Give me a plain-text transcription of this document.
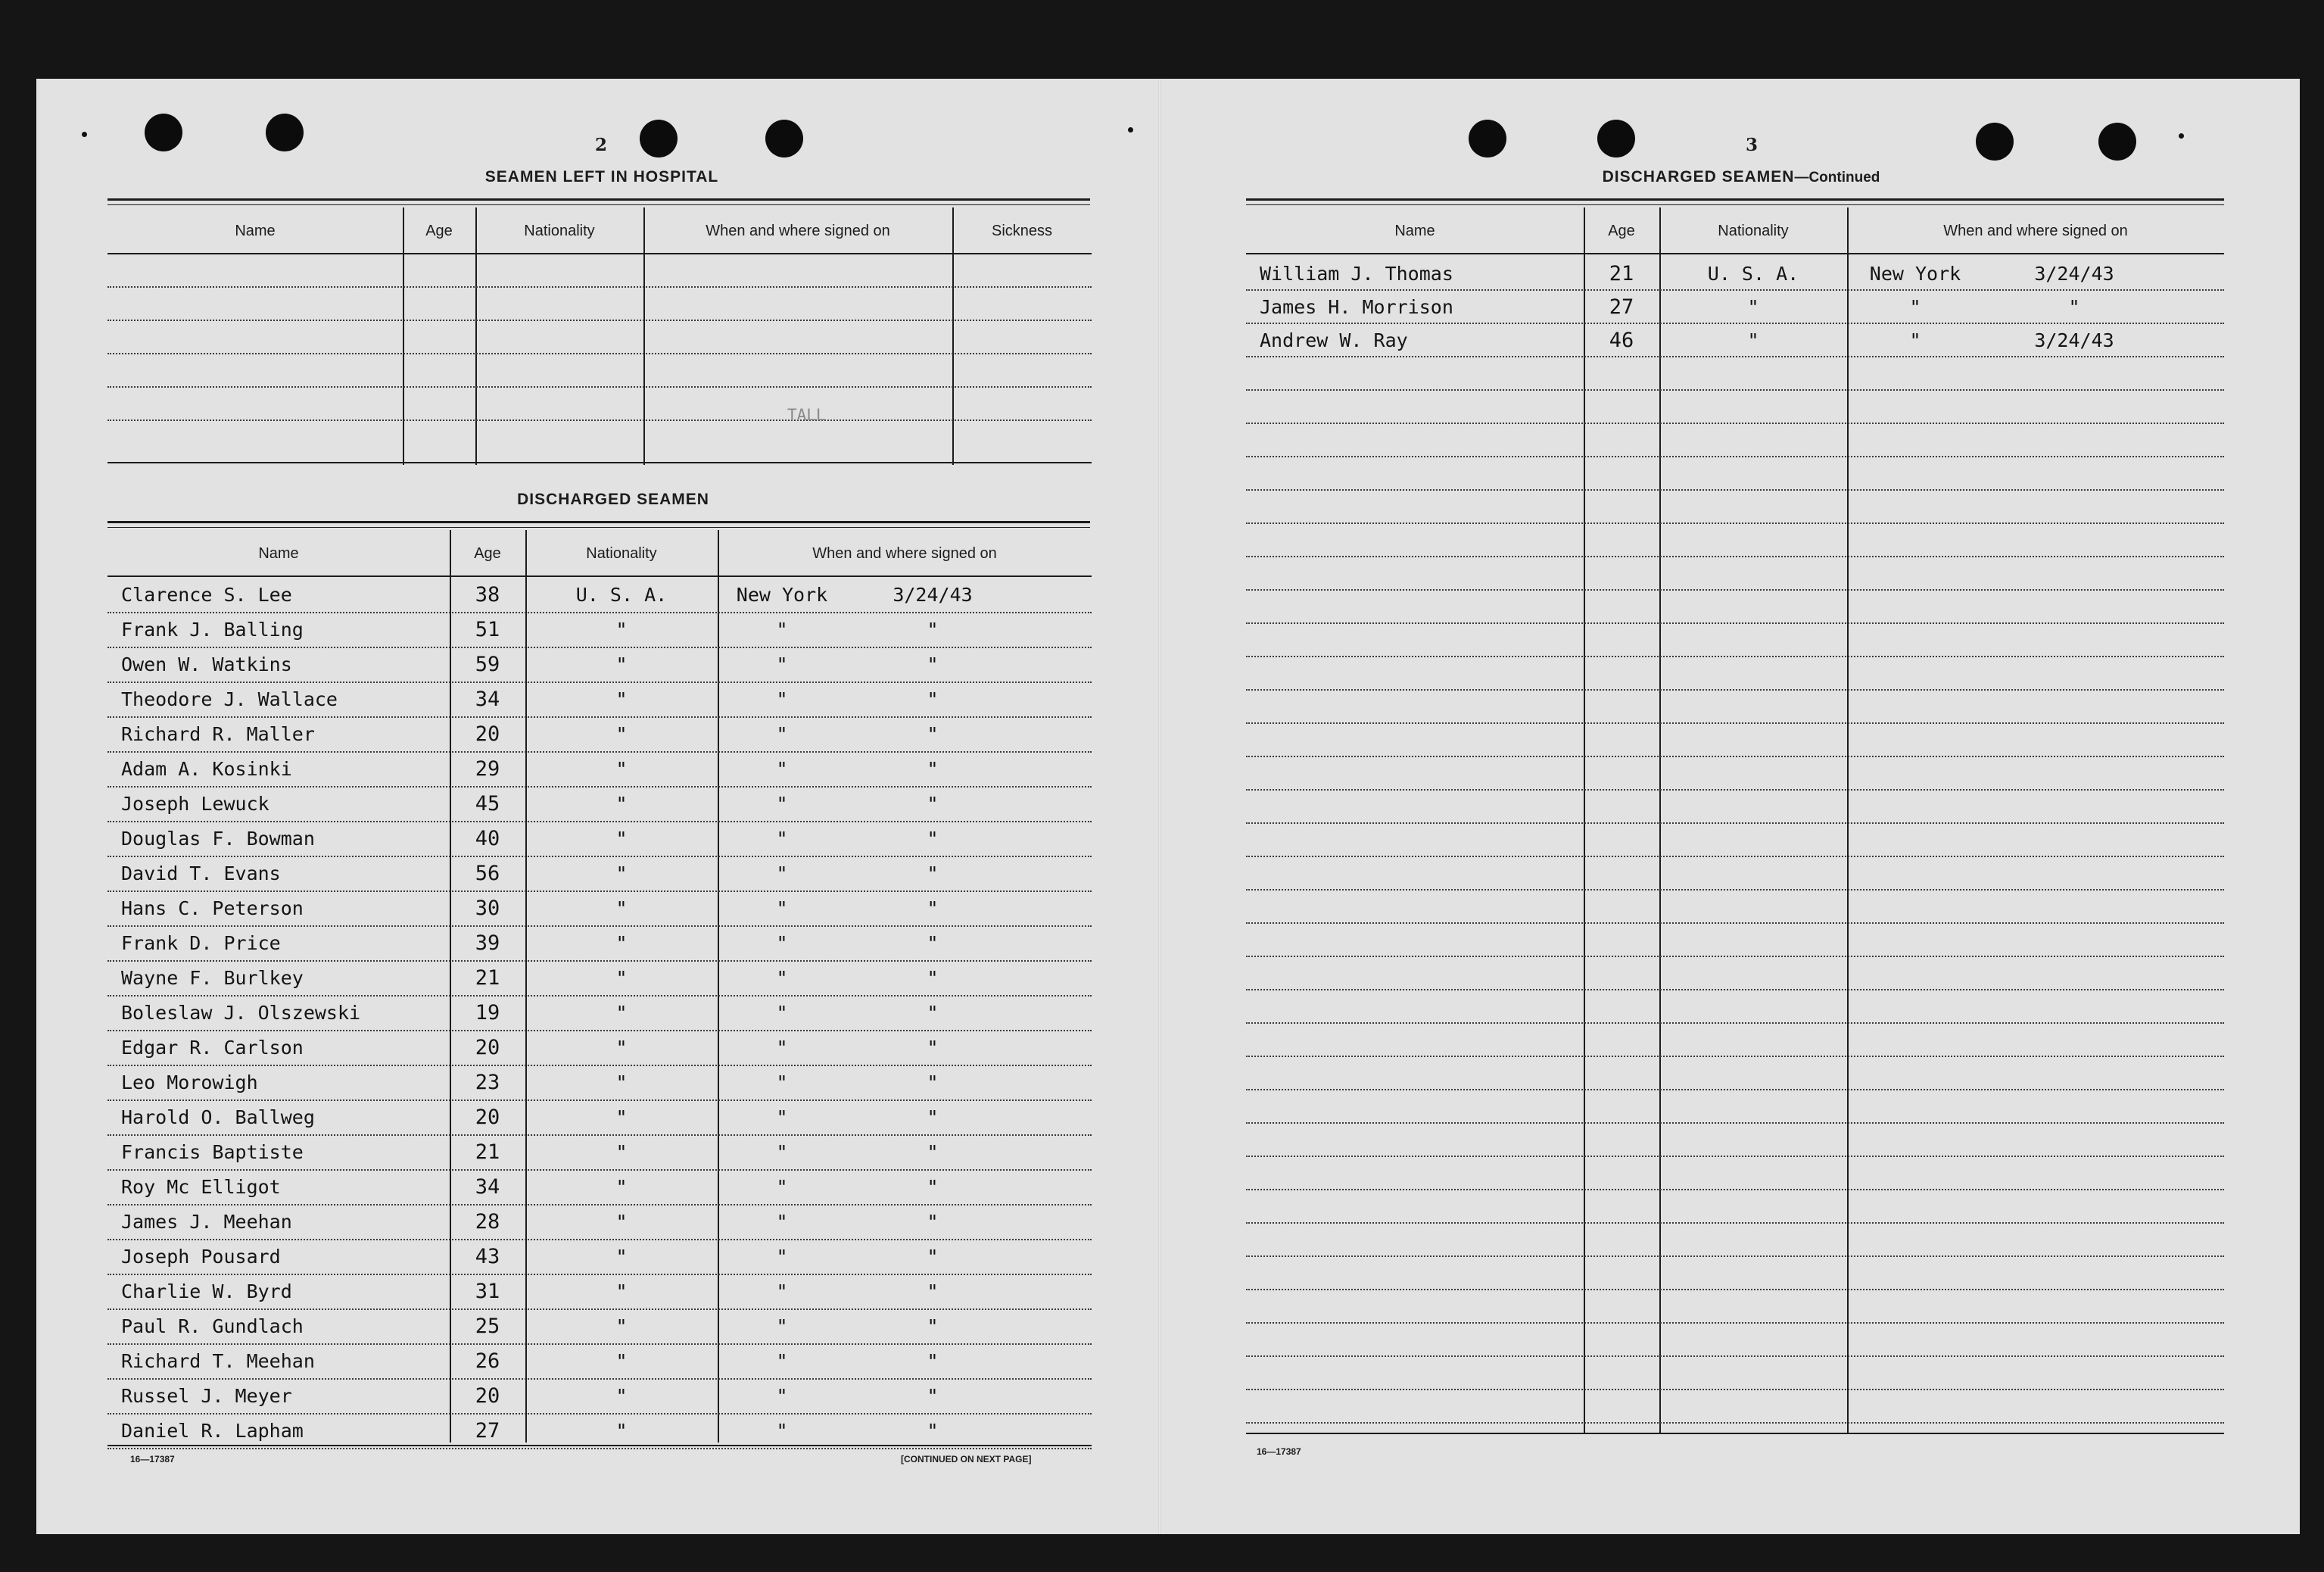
2
SEAMEN LEFT IN HOSPITAL
Name	Age	Nationality	When and where signed on	Sickness
DISCHARGED SEAMEN
Name	Age	Nationality	When and where signed on
Clarence S. Lee	38	U. S. A.	New York	3/24/43
Frank J. Balling	51	"	"	"
Owen W. Watkins	59	"	"	"
Theodore J. Wallace	34	"	"	"
Richard R. Maller	20	"	"	"
Adam A. Kosinki	29	"	"	"
Joseph Lewuck	45	"	"	"
Douglas F. Bowman	40	"	"	"
David T. Evans	56	"	"	"
Hans C. Peterson	30	"	"	"
Frank D. Price	39	"	"	"
Wayne F. Burlkey	21	"	"	"
Boleslaw J. Olszewski	19	"	"	"
Edgar R. Carlson	20	"	"	"
Leo Morowigh	23	"	"	"
Harold O. Ballweg	20	"	"	"
Francis Baptiste	21	"	"	"
Roy Mc Elligot	34	"	"	"
James J. Meehan	28	"	"	"
Joseph Pousard	43	"	"	"
Charlie W. Byrd	31	"	"	"
Paul R. Gundlach	25	"	"	"
Richard T. Meehan	26	"	"	"
Russel J. Meyer	20	"	"	"
Daniel R. Lapham	27	"	"	"
TALL
16—17387	[CONTINUED ON NEXT PAGE]
3
DISCHARGED SEAMEN—Continued
Name	Age	Nationality	When and where signed on
William J. Thomas	21	U. S. A.	New York	3/24/43
James H. Morrison	27	"	"	"
Andrew W. Ray	46	"	"	3/24/43
16—17387
